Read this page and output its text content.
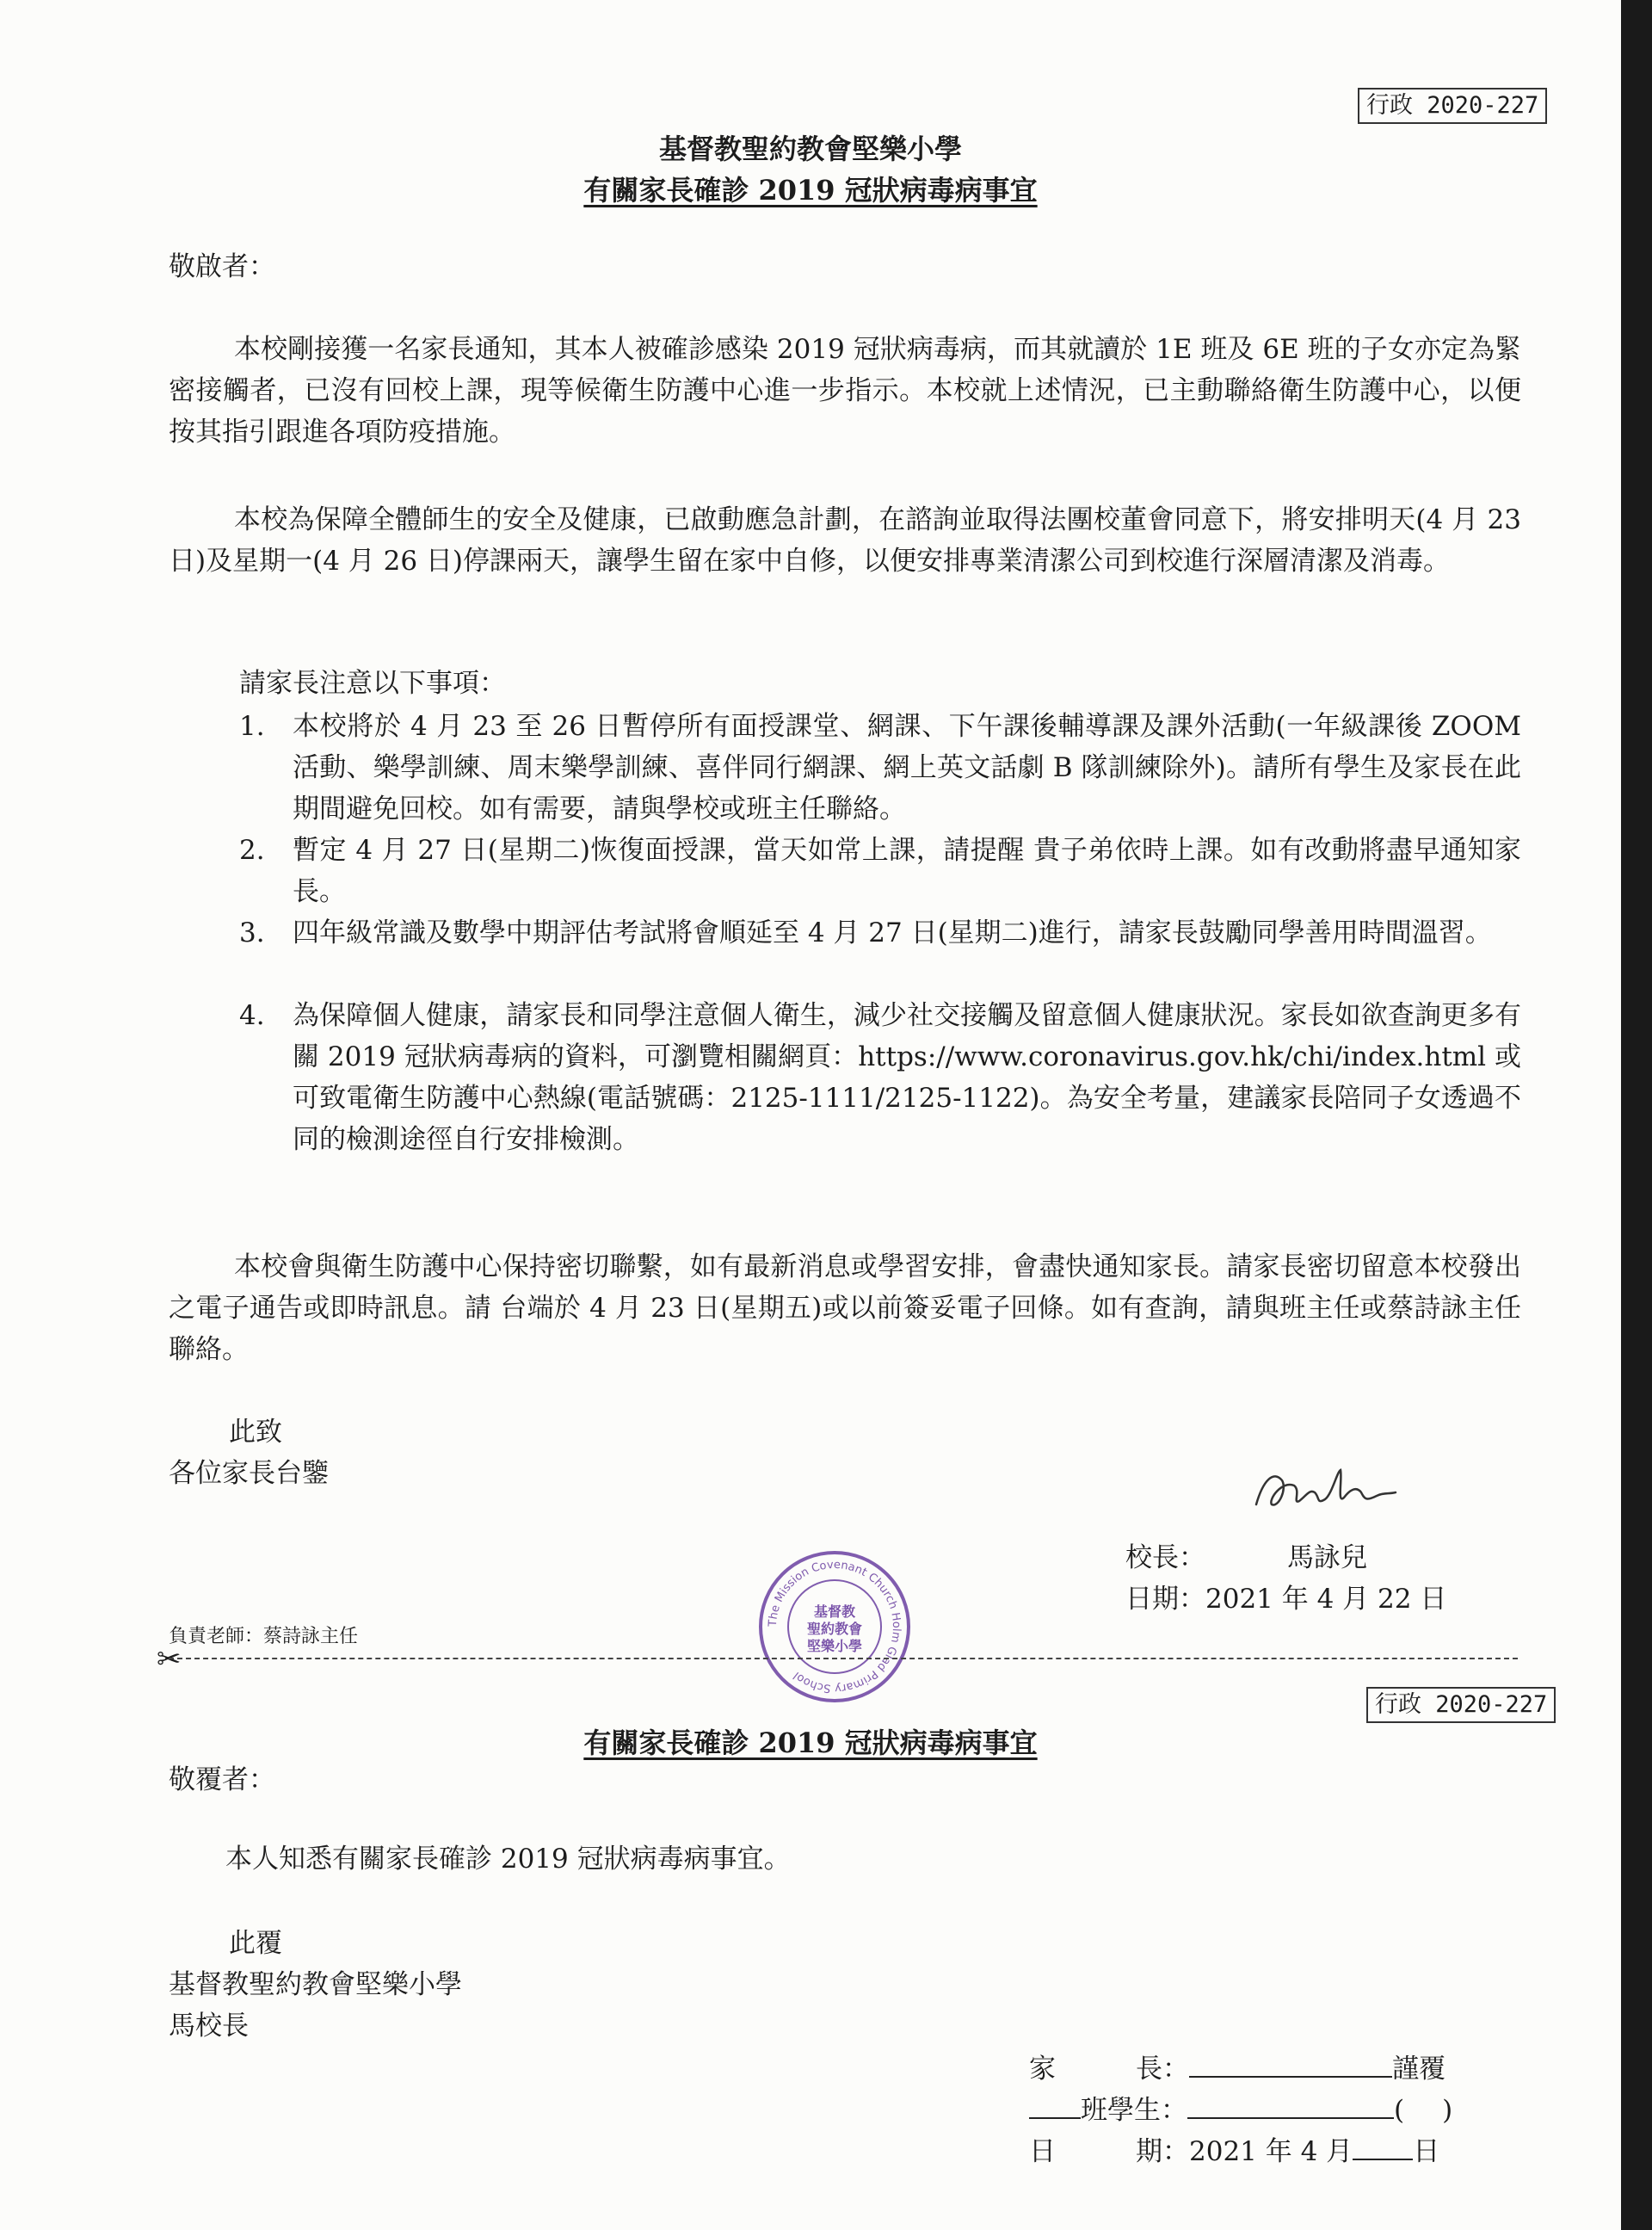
行政 2020-227
基督教聖約教會堅樂小學
有關家長確診 2019 冠狀病毒病事宜
敬啟者：
本校剛接獲一名家長通知，其本人被確診感染 2019 冠狀病毒病，而其就讀於 1E 班及 6E 班的子女亦定為緊密接觸者，已沒有回校上課，現等候衛生防護中心進一步指示。本校就上述情況，已主動聯絡衛生防護中心，以便按其指引跟進各項防疫措施。
本校為保障全體師生的安全及健康，已啟動應急計劃，在諮詢並取得法團校董會同意下，將安排明天(4 月 23 日)及星期一(4 月 26 日)停課兩天，讓學生留在家中自修，以便安排專業清潔公司到校進行深層清潔及消毒。
請家長注意以下事項：
1. 本校將於 4 月 23 至 26 日暫停所有面授課堂、網課、下午課後輔導課及課外活動(一年級課後 ZOOM 活動、樂學訓練、周末樂學訓練、喜伴同行網課、網上英文話劇 B 隊訓練除外)。請所有學生及家長在此期間避免回校。如有需要，請與學校或班主任聯絡。
2. 暫定 4 月 27 日(星期二)恢復面授課，當天如常上課，請提醒 貴子弟依時上課。如有改動將盡早通知家長。
3. 四年級常識及數學中期評估考試將會順延至 4 月 27 日(星期二)進行，請家長鼓勵同學善用時間溫習。
4. 為保障個人健康，請家長和同學注意個人衛生，減少社交接觸及留意個人健康狀況。家長如欲查詢更多有關 2019 冠狀病毒病的資料，可瀏覽相關網頁：https://www.coronavirus.gov.hk/chi/index.html 或可致電衛生防護中心熱線(電話號碼：2125-1111/2125-1122)。為安全考量，建議家長陪同子女透過不同的檢測途徑自行安排檢測。
本校會與衛生防護中心保持密切聯繫，如有最新消息或學習安排，會盡快通知家長。請家長密切留意本校發出之電子通告或即時訊息。請 台端於 4 月 23 日(星期五)或以前簽妥電子回條。如有查詢，請與班主任或蔡詩詠主任聯絡。
此致
各位家長台鑒
校長：	馬詠兒
日期：2021 年 4 月 22 日
負責老師：蔡詩詠主任
The Mission Covenant Church Holm Glad Primary School
基督教
聖約教會
堅樂小學
✂
行政 2020-227
有關家長確診 2019 冠狀病毒病事宜
敬覆者：
本人知悉有關家長確診 2019 冠狀病毒病事宜。
此覆
基督教聖約教會堅樂小學
馬校長
家　　　長：	謹覆
班學生：	( )
日　　　期：2021 年 4 月 日
